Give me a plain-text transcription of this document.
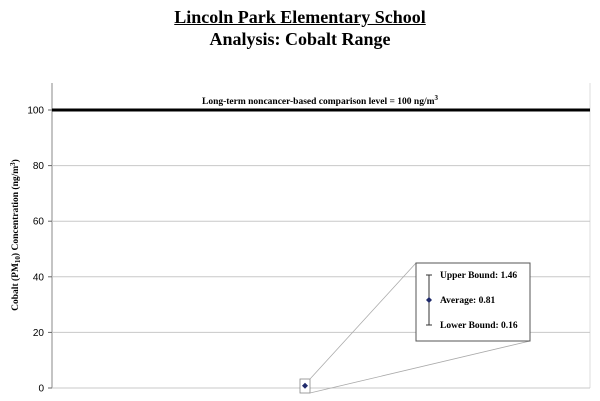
Lincoln Park Elementary School
Analysis: Cobalt Range
0
20
40
60
80
100
Cobalt $(PM_{10})$ Concentration $(ng/m^3)$
Long-term noncancer-based comparison level = 100 $ng/m^3$
Upper Bound: 1.46
Average: 0.81
Lower Bound: 0.16
